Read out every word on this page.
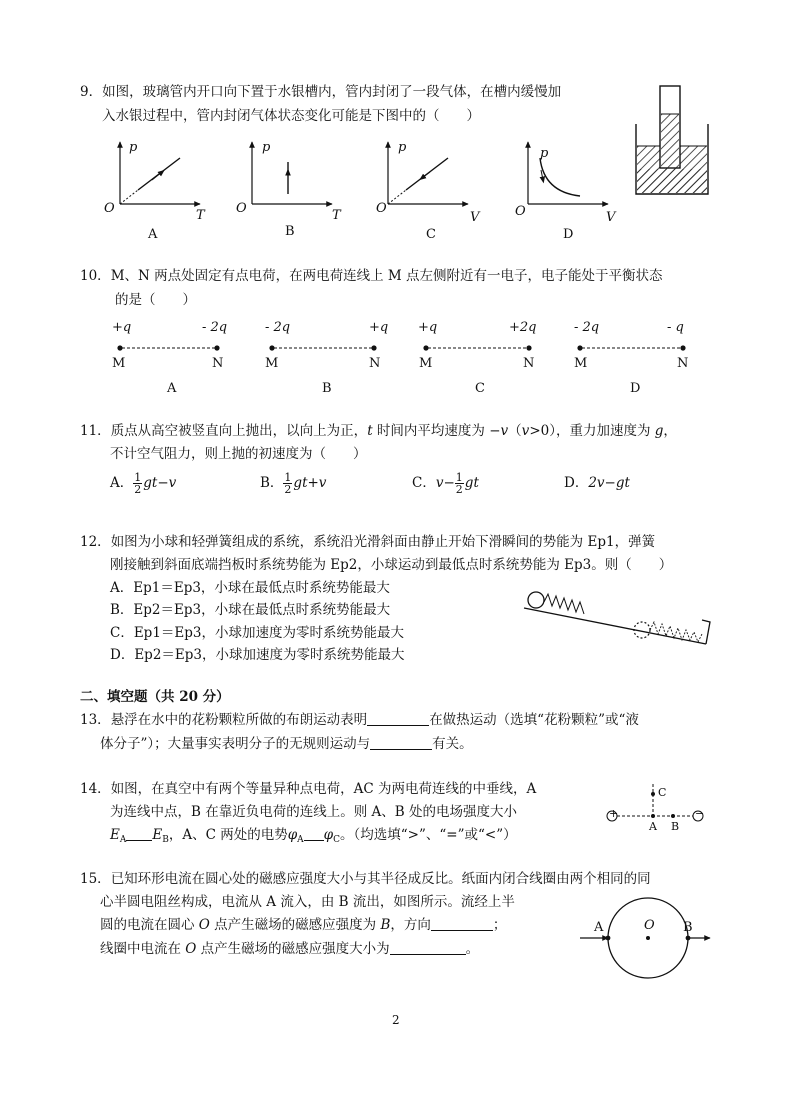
9．如图，玻璃管内开口向下置于水银槽内，管内封闭了一段气体，在槽内缓慢加
入水银过程中，管内封闭气体状态变化可能是下图中的（　　）
p
O	T
A
p
O	T
B
p
O
V
C
p
O	V
D
10．M、N 两点处固定有点电荷，在两电荷连线上 M 点左侧附近有一电子，电子能处于平衡状态
的是（　　）
+q	- 2q
M	N
A
- 2q	+q
M	N
B
+q	+2q
M	N
C
- 2q	- q
M	N
D
11．质点从高空被竖直向上抛出，以向上为正，t 时间内平均速度为 −v（v>0），重力加速度为 g，
不计空气阻力，则上抛的初速度为（　　）
A． $\frac{1}{2} gt-v$	B． $\frac{1}{2} gt+v$	C．$v- \frac{1}{2}$ gt	D．2v−gt
12．如图为小球和轻弹簧组成的系统，系统沿光滑斜面由静止开始下滑瞬间的势能为 Ep1，弹簧
刚接触到斜面底端挡板时系统势能为 Ep2，小球运动到最低点时系统势能为 Ep3。则（　　）
A．Ep1＝Ep3，小球在最低点时系统势能最大
B．Ep2＝Ep3，小球在最低点时系统势能最大
C．Ep1＝Ep3，小球加速度为零时系统势能最大
D．Ep2＝Ep3，小球加速度为零时系统势能最大
二、填空题（共 20 分）
13．悬浮在水中的花粉颗粒所做的布朗运动表明	在做热运动（选填“花粉颗粒”或“液
体分子”）；大量事实表明分子的无规则运动与	有关。
14．如图，在真空中有两个等量异种点电荷，AC 为两电荷连线的中垂线，A
为连线中点，B 在靠近负电荷的连线上。则 A、B 处的电场强度大小
$E_A$ $E_B$，A、C 两处的电势$\varphi_A$ $\varphi_C$。（均选填“>”、“=”或“<”）
+	−
C
A B
15．已知环形电流在圆心处的磁感应强度大小与其半径成反比。纸面内闭合线圈由两个相同的同
心半圆电阻丝构成，电流从 A 流入，由 B 流出，如图所示。流经上半
圆的电流在圆心 O 点产生磁场的磁感应强度为 B，方向	；
线圈中电流在 O 点产生磁场的磁感应强度大小为	。
A	O B
2
